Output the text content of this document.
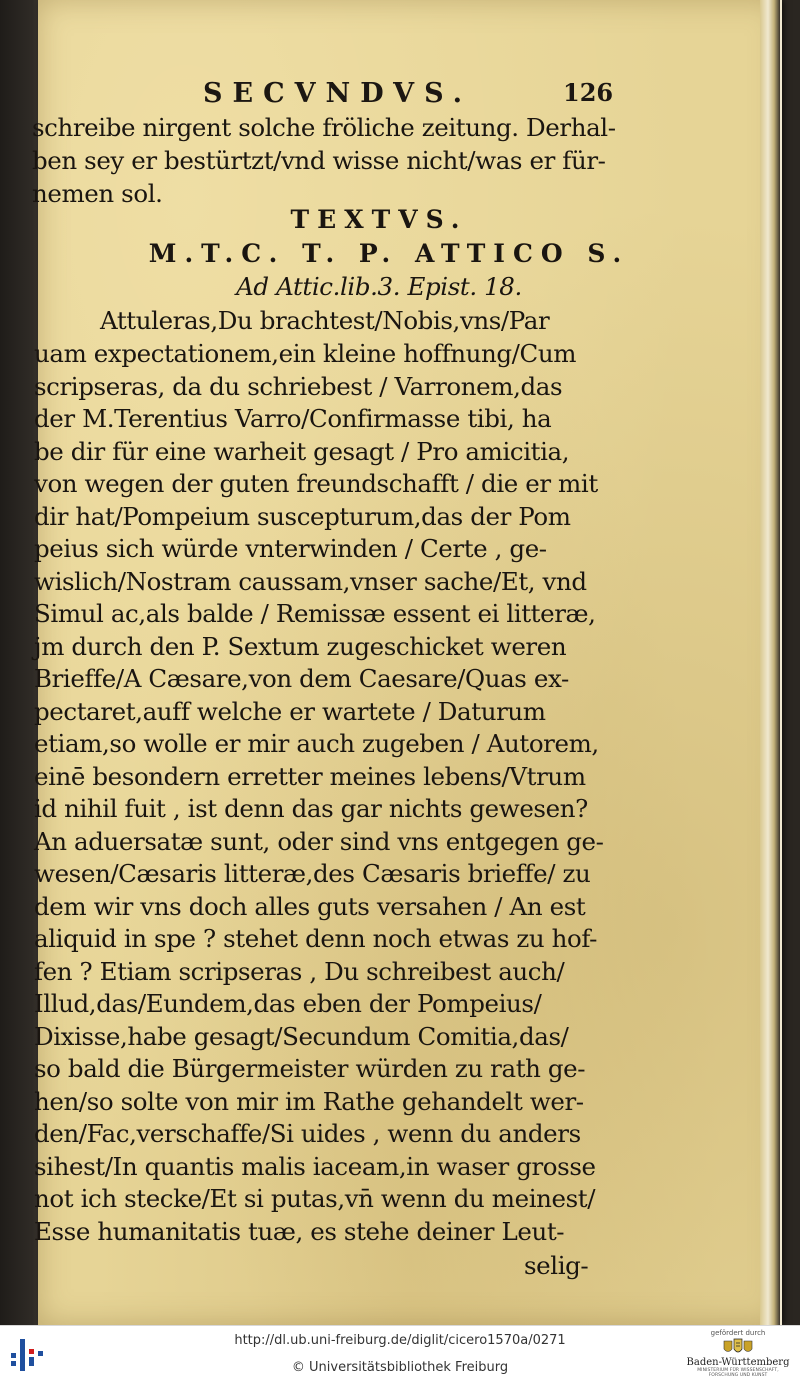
SECVNDVS.	126
schreibe nirgent solche fröliche zeitung. Derhal-
ben sey er bestürtzt/vnd wisse nicht/was er für-
nemen sol.
TEXTVS.
M.T.C. T. P. ATTICO S.
Ad Attic.lib.3. Epist. 18.
Attuleras,Du brachtest/Nobis,vns/Par
uam expectationem,ein kleine hoffnung/Cum
scripseras, da du schriebest / Varronem,das
der M.Terentius Varro/Confirmasse tibi, ha
be dir für eine warheit gesagt / Pro amicitia,
von wegen der guten freundschafft / die er mit
dir hat/Pompeium suscepturum,das der Pom
peius sich würde vnterwinden / Certe , ge-
wislich/Nostram caussam,vnser sache/Et, vnd
Simul ac,als balde / Remissæ essent ei litteræ,
jm durch den P. Sextum zugeschicket weren
Brieffe/A Cæsare,von dem Caesare/Quas ex-
pectaret,auff welche er wartete / Daturum
etiam,so wolle er mir auch zugeben / Autorem,
einē besondern erretter meines lebens/Vtrum
id nihil fuit , ist denn das gar nichts gewesen?
An aduersatæ sunt, oder sind vns entgegen ge-
wesen/Cæsaris litteræ,des Cæsaris brieffe/ zu
dem wir vns doch alles guts versahen / An est
aliquid in spe ? stehet denn noch etwas zu hof-
fen ? Etiam scripseras , Du schreibest auch/
Illud,das/Eundem,das eben der Pompeius/
Dixisse,habe gesagt/Secundum Comitia,das/
so bald die Bürgermeister würden zu rath ge-
hen/so solte von mir im Rathe gehandelt wer-
den/Fac,verschaffe/Si uides , wenn du anders
sihest/In quantis malis iaceam,in waser grosse
not ich stecke/Et si putas,vn̄ wenn du meinest/
Esse humanitatis tuæ, es stehe deiner Leut-
selig-
http://dl.ub.uni-freiburg.de/diglit/cicero1570a/0271
© Universitätsbibliothek Freiburg
gefördert durch
Baden-Württemberg
MINISTERIUM FÜR WISSENSCHAFT, FORSCHUNG UND KUNST
